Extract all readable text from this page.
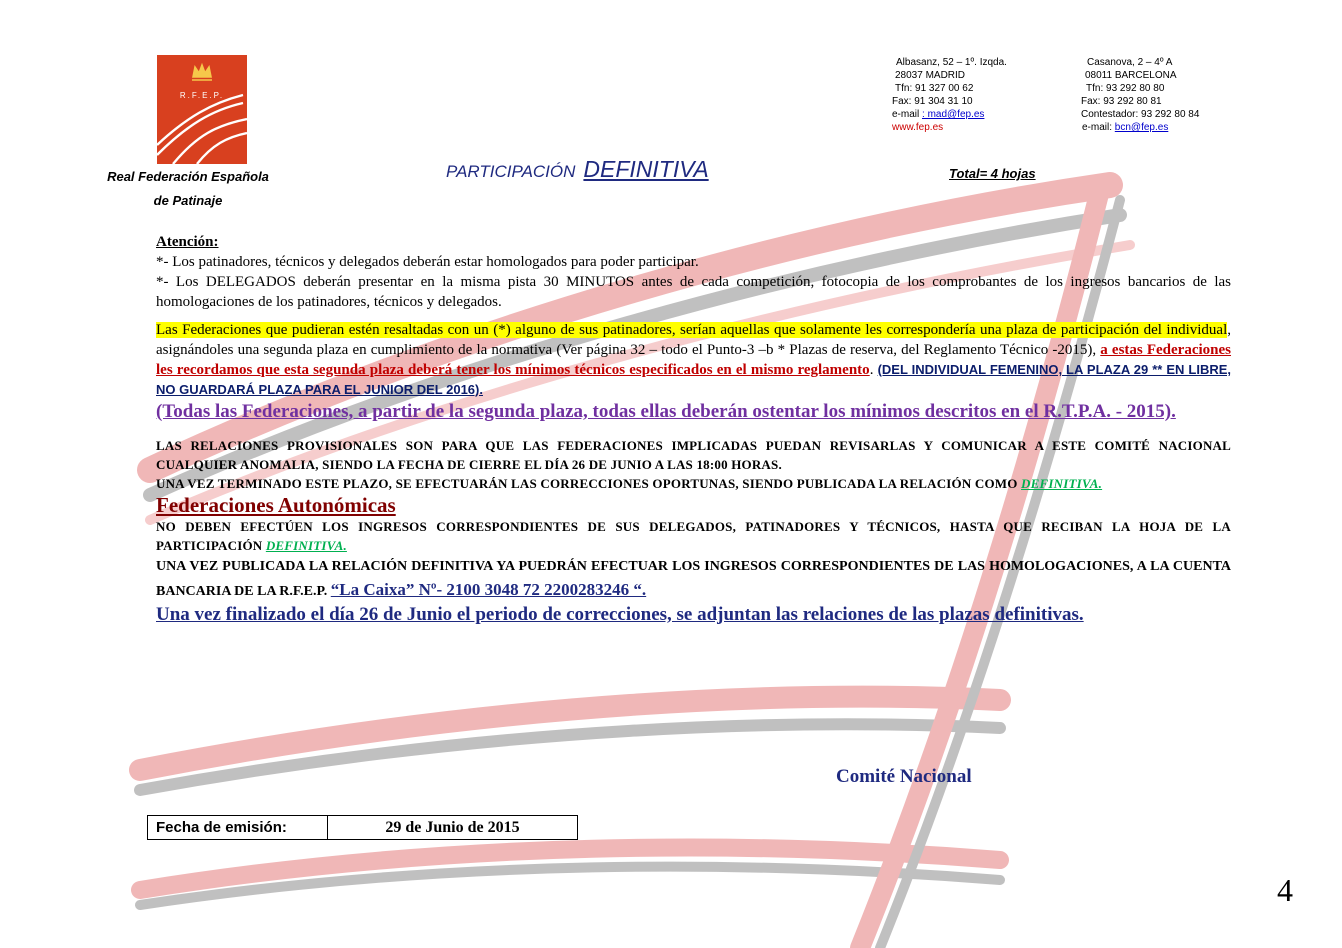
R.F.E.P.
Real Federación Española
de Patinaje
Albasanz, 52 – 1º. Izqda.
28037 MADRID
Tfn: 91 327 00 62
Fax: 91 304 31 10
e-mail : mad@fep.es
www.fep.es
Casanova, 2 – 4º A
08011 BARCELONA
Tfn: 93 292 80 80
Fax: 93 292 80 81
Contestador: 93 292 80 84
e-mail: bcn@fep.es
PARTICIPACIÓN DEFINITIVA	Total= 4 hojas

Atención:

*- Los patinadores, técnicos y delegados deberán estar homologados para poder participar.

*- Los DELEGADOS deberán presentar en la misma pista 30 MINUTOS antes de cada competición, fotocopia de los comprobantes de los ingresos bancarios de las homologaciones de los patinadores, técnicos y delegados.

Las Federaciones que pudieran estén resaltadas con un (*) alguno de sus patinadores, serían aquellas que solamente les correspondería una plaza de participación del individual, asignándoles una segunda plaza en cumplimiento de la normativa (Ver página 32 – todo el Punto-3 –b * Plazas de reserva, del Reglamento Técnico -2015), a estas Federaciones les recordamos que esta segunda plaza deberá tener los mínimos técnicos especificados en el mismo reglamento. (DEL INDIVIDUAL FEMENINO, LA PLAZA 29 ** EN LIBRE, NO GUARDARÁ PLAZA PARA EL JUNIOR DEL 2016).

(Todas las Federaciones, a partir de la segunda plaza, todas ellas deberán ostentar los mínimos descritos en el R.T.P.A. - 2015).

LAS RELACIONES PROVISIONALES SON PARA QUE LAS FEDERACIONES IMPLICADAS PUEDAN REVISARLAS Y COMUNICAR A ESTE COMITÉ NACIONAL CUALQUIER ANOMALIA, SIENDO LA FECHA DE CIERRE EL DÍA 26 DE JUNIO A LAS 18:00 HORAS.

UNA VEZ TERMINADO ESTE PLAZO, SE EFECTUARÁN LAS CORRECCIONES OPORTUNAS, SIENDO PUBLICADA LA RELACIÓN COMO DEFINITIVA.

Federaciones Autonómicas

NO DEBEN EFECTÚEN LOS INGRESOS CORRESPONDIENTES DE SUS DELEGADOS, PATINADORES Y TÉCNICOS, HASTA QUE RECIBAN LA HOJA DE LA PARTICIPACIÓN DEFINITIVA.

UNA VEZ PUBLICADA LA RELACIÓN DEFINITIVA YA PUEDRÁN EFECTUAR LOS INGRESOS CORRESPONDIENTES DE LAS HOMOLOGACIONES, A LA CUENTA BANCARIA DE LA R.F.E.P. “La Caixa” Nº- 2100 3048 72 2200283246 “.

Una vez finalizado el día 26 de Junio el periodo de correcciones, se adjuntan las relaciones de las plazas definitivas.

Comité Nacional
Fecha de emisión:	29 de Junio de 2015
4
